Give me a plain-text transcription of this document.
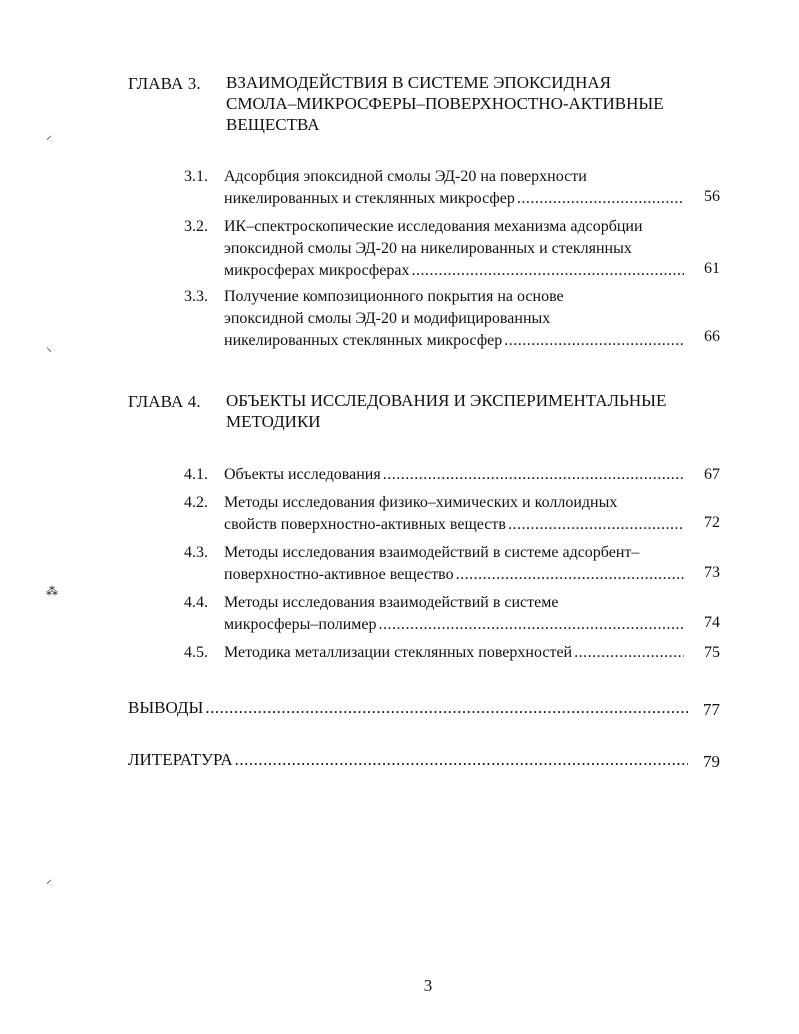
⸝
⸜
⁂
⸝
ГЛАВА 3. ВЗАИМОДЕЙСТВИЯ В СИСТЕМЕ ЭПОКСИДНАЯ
СМОЛА–МИКРОСФЕРЫ–ПОВЕРХНОСТНО-АКТИВНЫЕ
ВЕЩЕСТВА
3.1. Адсорбция эпоксидной смолы ЭД-20 на поверхности
никелированных и стеклянных микросфер .....	56
3.2. ИК–спектроскопические исследования механизма адсорбции
эпоксидной смолы ЭД-20 на никелированных и стеклянных
микросферах микросферах .....	61
3.3. Получение композиционного покрытия на основе
эпоксидной смолы ЭД-20 и модифицированных
никелированных стеклянных микросфер .....	66
ГЛАВА 4. ОБЪЕКТЫ ИССЛЕДОВАНИЯ И ЭКСПЕРИМЕНТАЛЬНЫЕ
МЕТОДИКИ
4.1. Объекты исследования .....	67
4.2. Методы исследования физико–химических и коллоидных
свойств поверхностно-активных веществ .....	72
4.3. Методы исследования взаимодействий в системе адсорбент–
поверхностно-активное вещество .....	73
4.4. Методы исследования взаимодействий в системе
микросферы–полимер .....	74
4.5. Методика металлизации стеклянных поверхностей .....	75
ВЫВОДЫ .....	77
ЛИТЕРАТУРА .....	79
3
